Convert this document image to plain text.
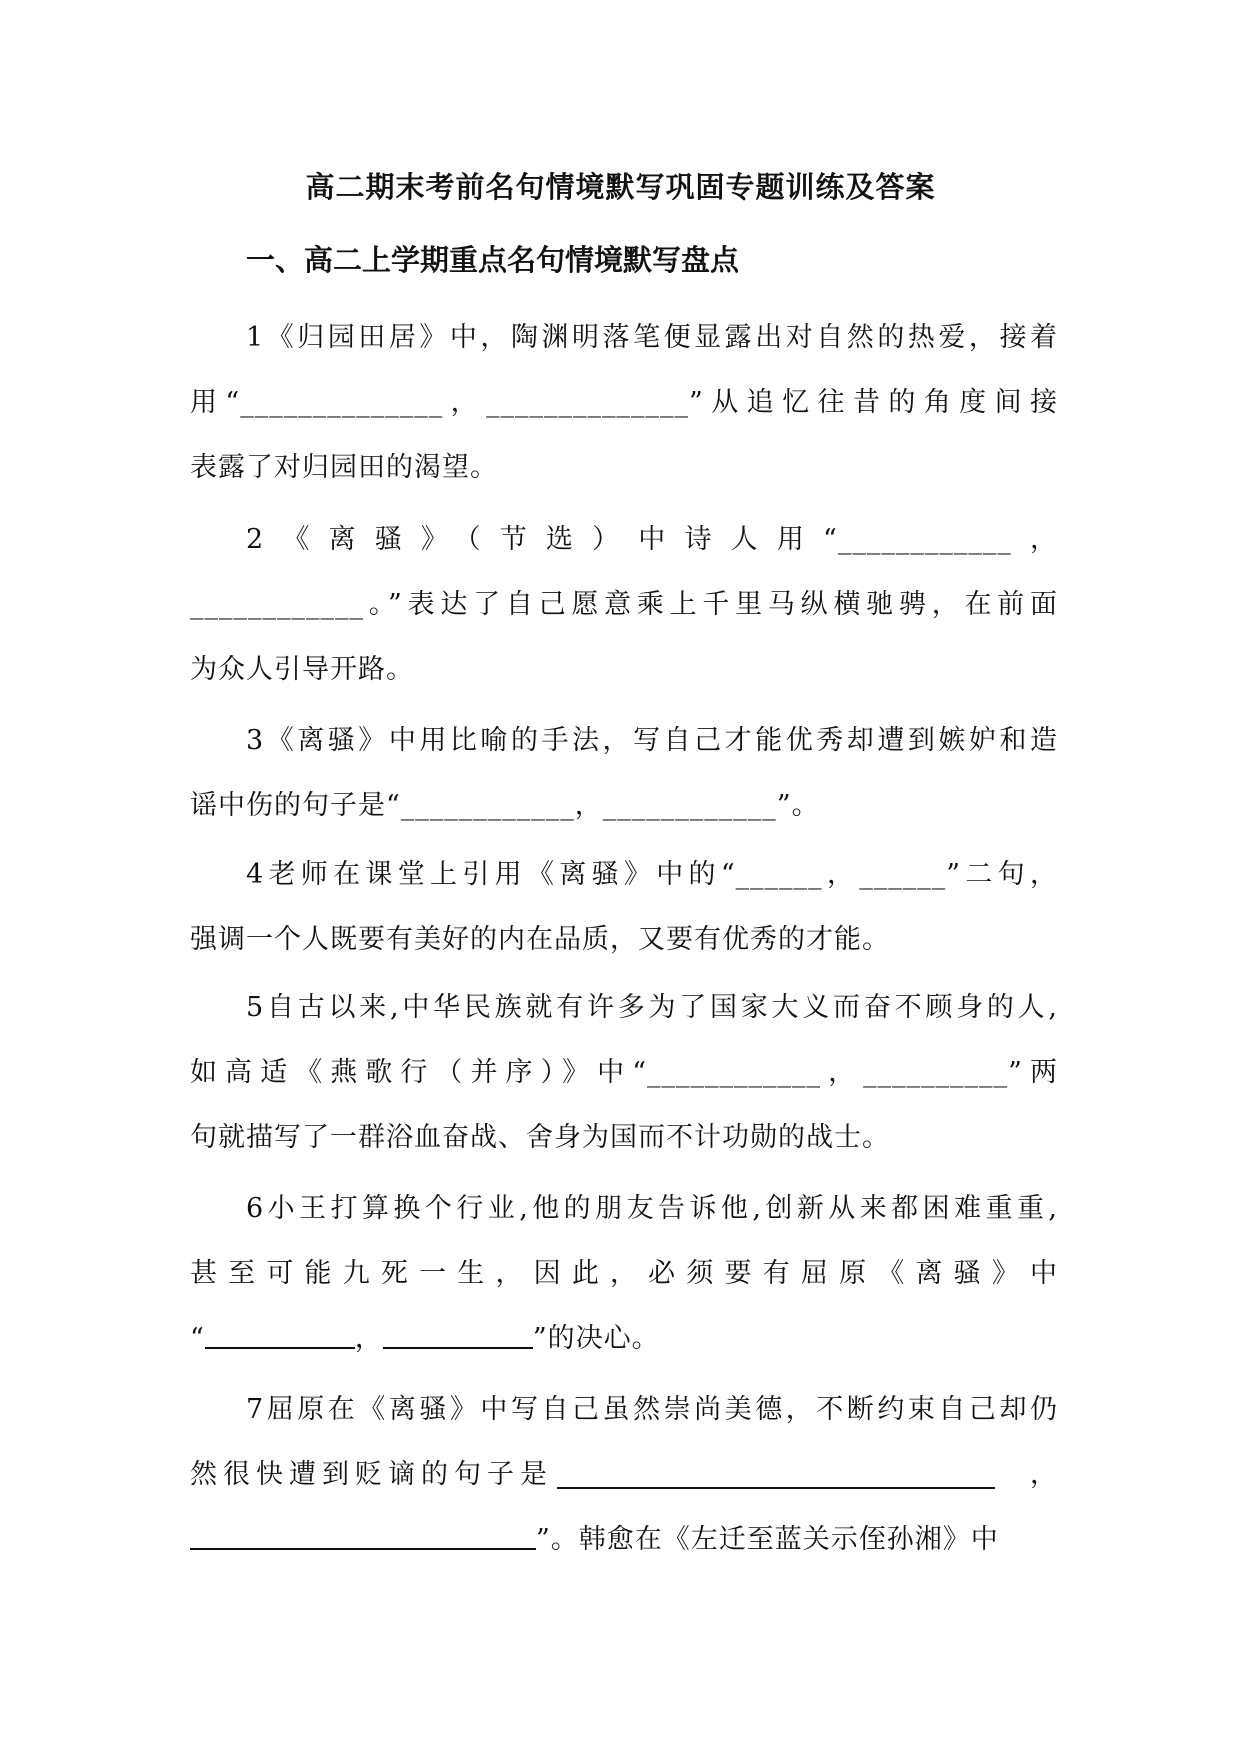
高二期末考前名句情境默写巩固专题训练及答案
一、高二上学期重点名句情境默写盘点
1《归园田居》中，陶渊明落笔便显露出对自然的热爱，接着
用“______________，______________”从追忆往昔的角度间接
表露了对归园田的渴望。
2《离骚》（节选）中诗人用“____________，
____________。”表达了自己愿意乘上千里马纵横驰骋，在前面
为众人引导开路。
3《离骚》中用比喻的手法，写自己才能优秀却遭到嫉妒和造
谣中伤的句子是“____________，____________”。
4老师在课堂上引用《离骚》中的“______，______”二句，
强调一个人既要有美好的内在品质，又要有优秀的才能。
5自古以来,中华民族就有许多为了国家大义而奋不顾身的人,
如高适《燕歌行（并序）》中“____________，__________”两
句就描写了一群浴血奋战、舍身为国而不计功勋的战士。
6小王打算换个行业,他的朋友告诉他,创新从来都困难重重,
甚至可能九死一生，因此，必须要有屈原《离骚》中
“	，	”的决心。
7屈原在《离骚》中写自己虽然崇尚美德，不断约束自己却仍
然很快遭到贬谪的句子是	，
”。韩愈在《左迁至蓝关示侄孙湘》中
